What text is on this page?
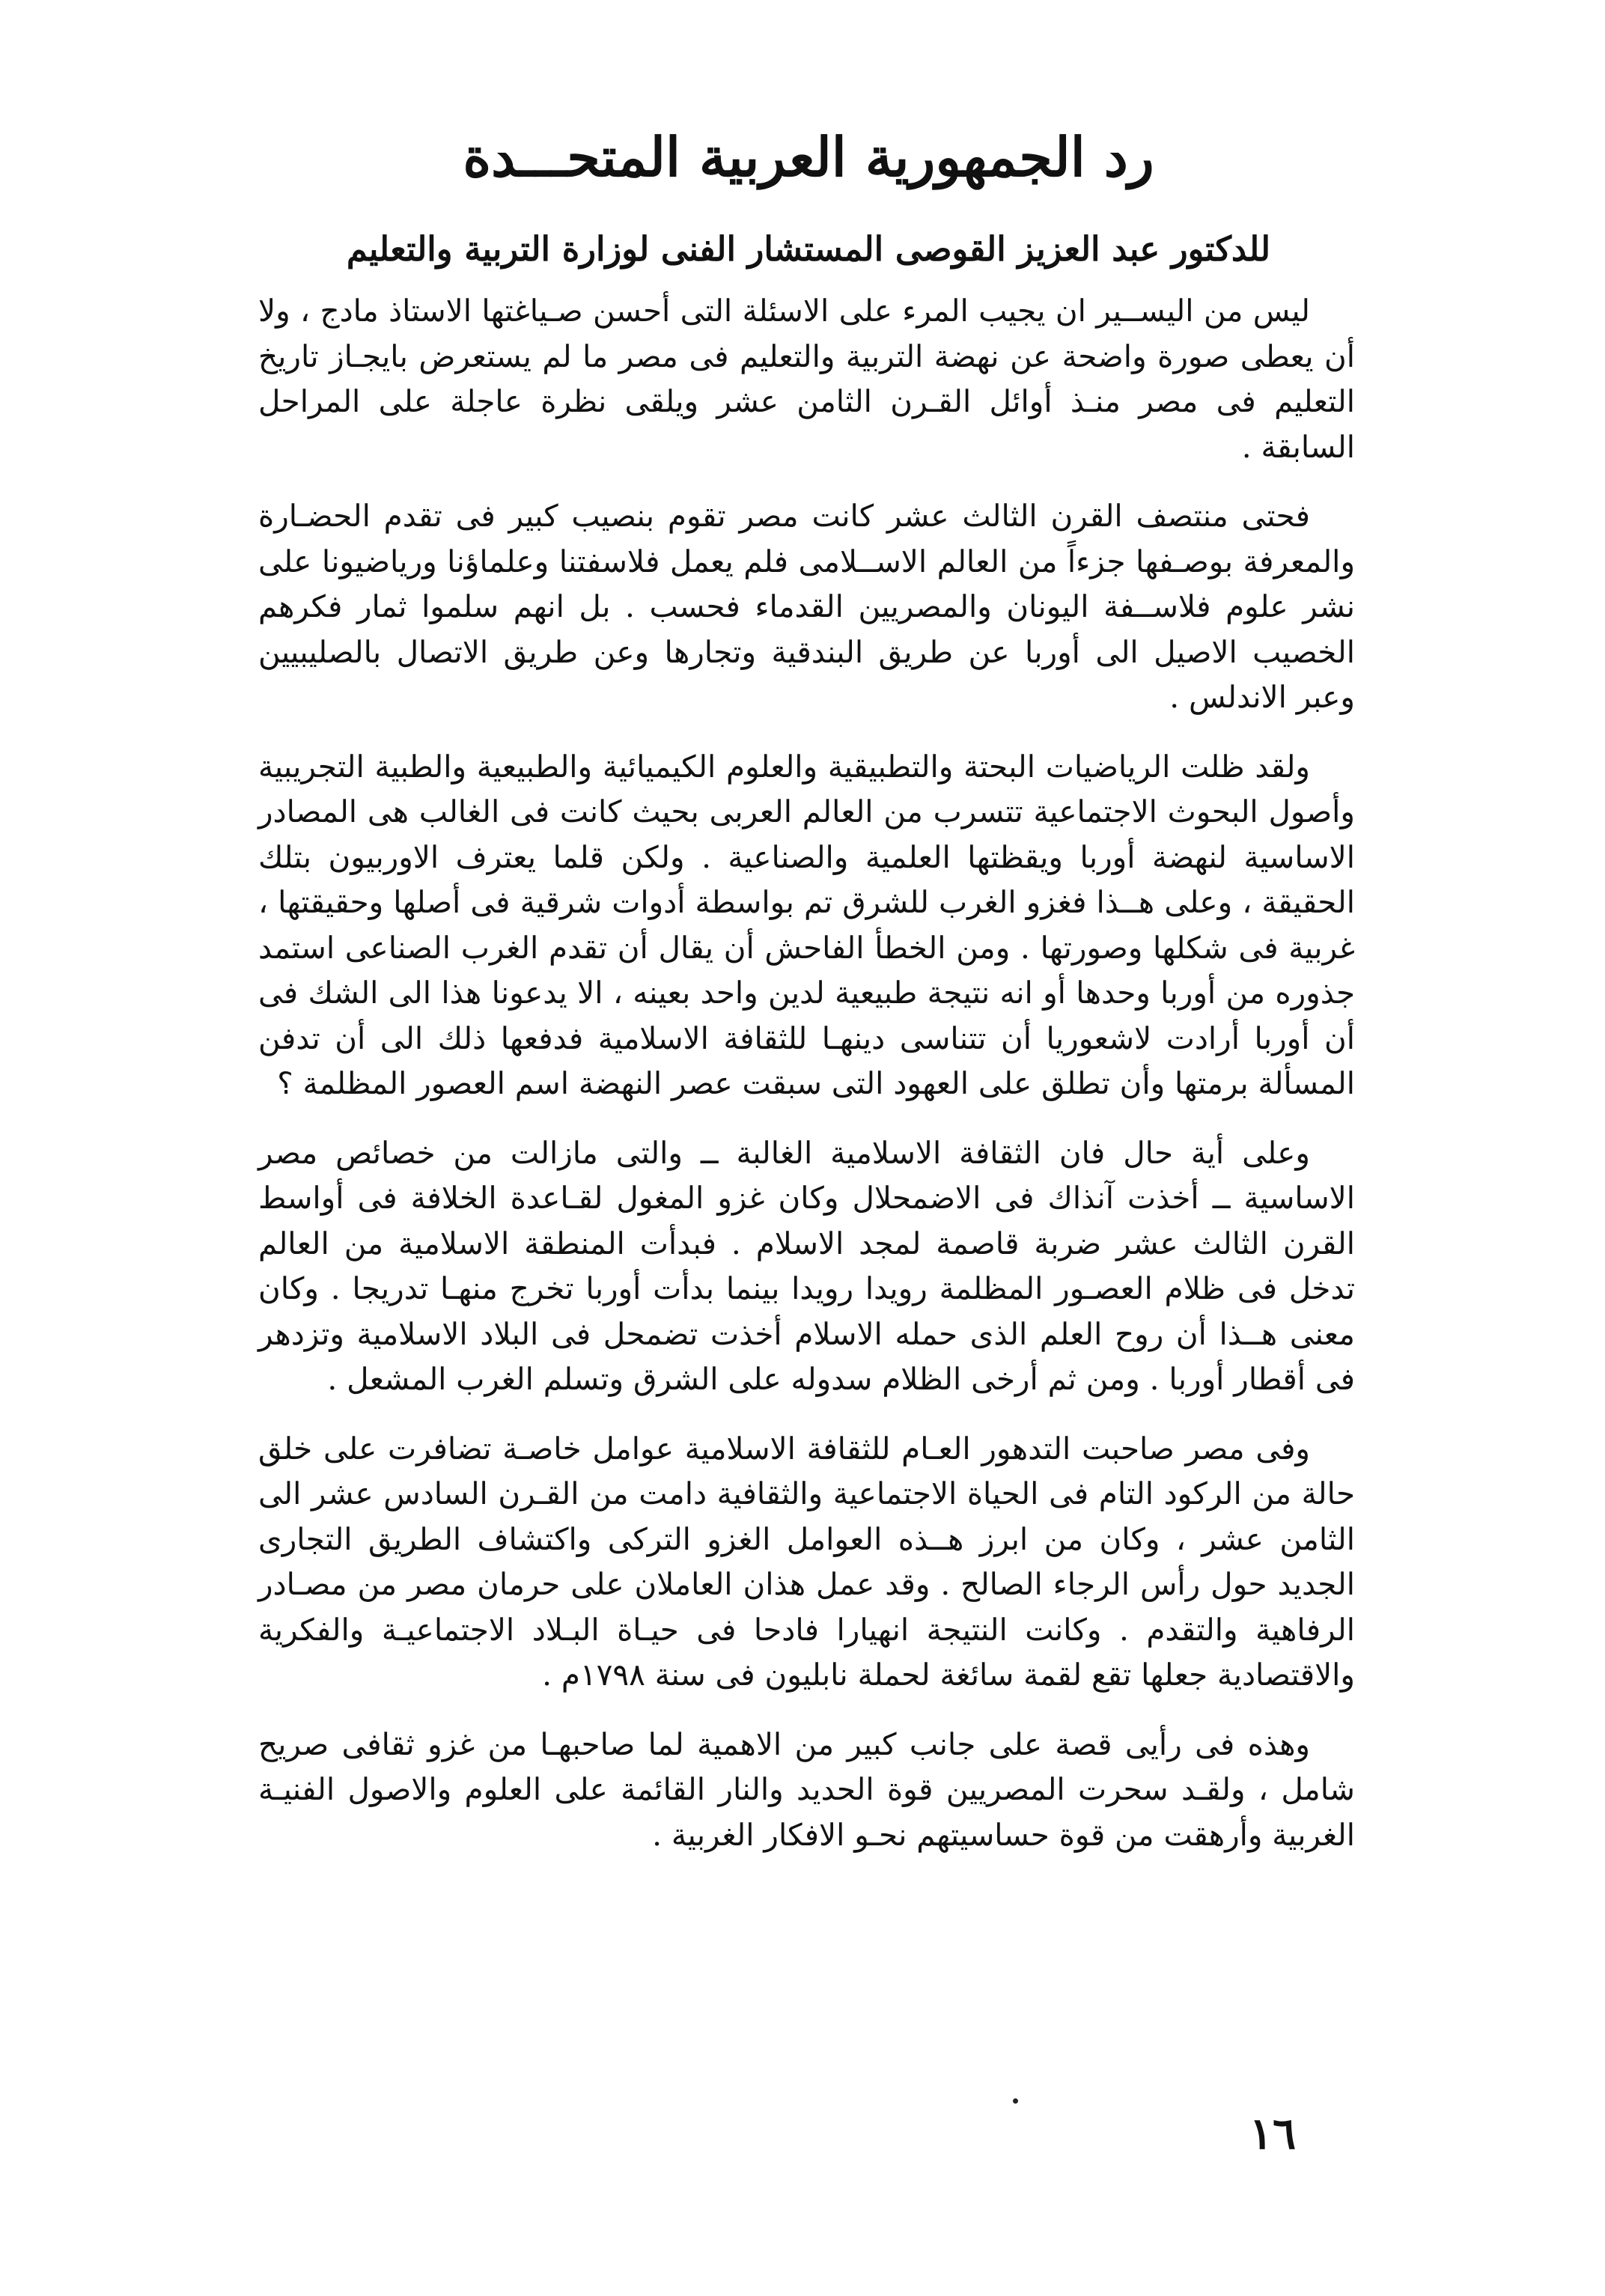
رد الجمهورية العربية المتحـــدة
للدكتور عبد العزيز القوصى المستشار الفنى لوزارة التربية والتعليم

ليس من اليســير ان يجيب المرء على الاسئلة التى أحسن صـياغتها الاستاذ مادج ، ولا أن يعطى صورة واضحة عن نهضة التربية والتعليم فى مصر ما لم يستعرض بايجـاز تاريخ التعليم فى مصر منـذ أوائل القـرن الثامن عشر ويلقى نظرة عاجلة على المراحل السابقة .

فحتى منتصف القرن الثالث عشر كانت مصر تقوم بنصيب كبير فى تقدم الحضـارة والمعرفة بوصـفها جزءاً من العالم الاســلامى فلم يعمل فلاسفتنا وعلماؤنا ورياضيونا على نشر علوم فلاســفة اليونان والمصريين القدماء فحسب . بل انهم سلموا ثمار فكرهم الخصيب الاصيل الى أوربا عن طريق البندقية وتجارها وعن طريق الاتصال بالصليبيين وعبر الاندلس .

ولقد ظلت الرياضيات البحتة والتطبيقية والعلوم الكيميائية والطبيعية والطبية التجريبية وأصول البحوث الاجتماعية تتسرب من العالم العربى بحيث كانت فى الغالب هى المصادر الاساسية لنهضة أوربا ويقظتها العلمية والصناعية . ولكن قلما يعترف الاوربيون بتلك الحقيقة ، وعلى هــذا فغزو الغرب للشرق تم بواسطة أدوات شرقية فى أصلها وحقيقتها ، غربية فى شكلها وصورتها . ومن الخطأ الفاحش أن يقال أن تقدم الغرب الصناعى استمد جذوره من أوربا وحدها أو انه نتيجة طبيعية لدين واحد بعينه ، الا يدعونا هذا الى الشك فى أن أوربا أرادت لاشعوريا أن تتناسى دينهـا للثقافة الاسلامية فدفعها ذلك الى أن تدفن المسألة برمتها وأن تطلق على العهود التى سبقت عصر النهضة اسم العصور المظلمة ؟

وعلى أية حال فان الثقافة الاسلامية الغالبة ــ والتى مازالت من خصائص مصر الاساسية ــ أخذت آنذاك فى الاضمحلال وكان غزو المغول لقـاعدة الخلافة فى أواسط القرن الثالث عشر ضربة قاصمة لمجد الاسلام . فبدأت المنطقة الاسلامية من العالم تدخل فى ظلام العصـور المظلمة رويدا رويدا بينما بدأت أوربا تخرج منهـا تدريجا . وكان معنى هــذا أن روح العلم الذى حمله الاسلام أخذت تضمحل فى البلاد الاسلامية وتزدهر فى أقطار أوربا . ومن ثم أرخى الظلام سدوله على الشرق وتسلم الغرب المشعل .

وفى مصر صاحبت التدهور العـام للثقافة الاسلامية عوامل خاصـة تضافرت على خلق حالة من الركود التام فى الحياة الاجتماعية والثقافية دامت من القـرن السادس عشر الى الثامن عشر ، وكان من ابرز هــذه العوامل الغزو التركى واكتشاف الطريق التجارى الجديد حول رأس الرجاء الصالح . وقد عمل هذان العاملان على حرمان مصر من مصـادر الرفاهية والتقدم . وكانت النتيجة انهيارا فادحا فى حيـاة البـلاد الاجتماعيـة والفكرية والاقتصادية جعلها تقع لقمة سائغة لحملة نابليون فى سنة ١٧٩٨م .

وهذه فى رأيى قصة على جانب كبير من الاهمية لما صاحبهـا من غزو ثقافى صريح شامل ، ولقـد سحرت المصريين قوة الحديد والنار القائمة على العلوم والاصول الفنيـة الغربية وأرهقت من قوة حساسيتهم نحـو الافكار الغربية .

١٦
